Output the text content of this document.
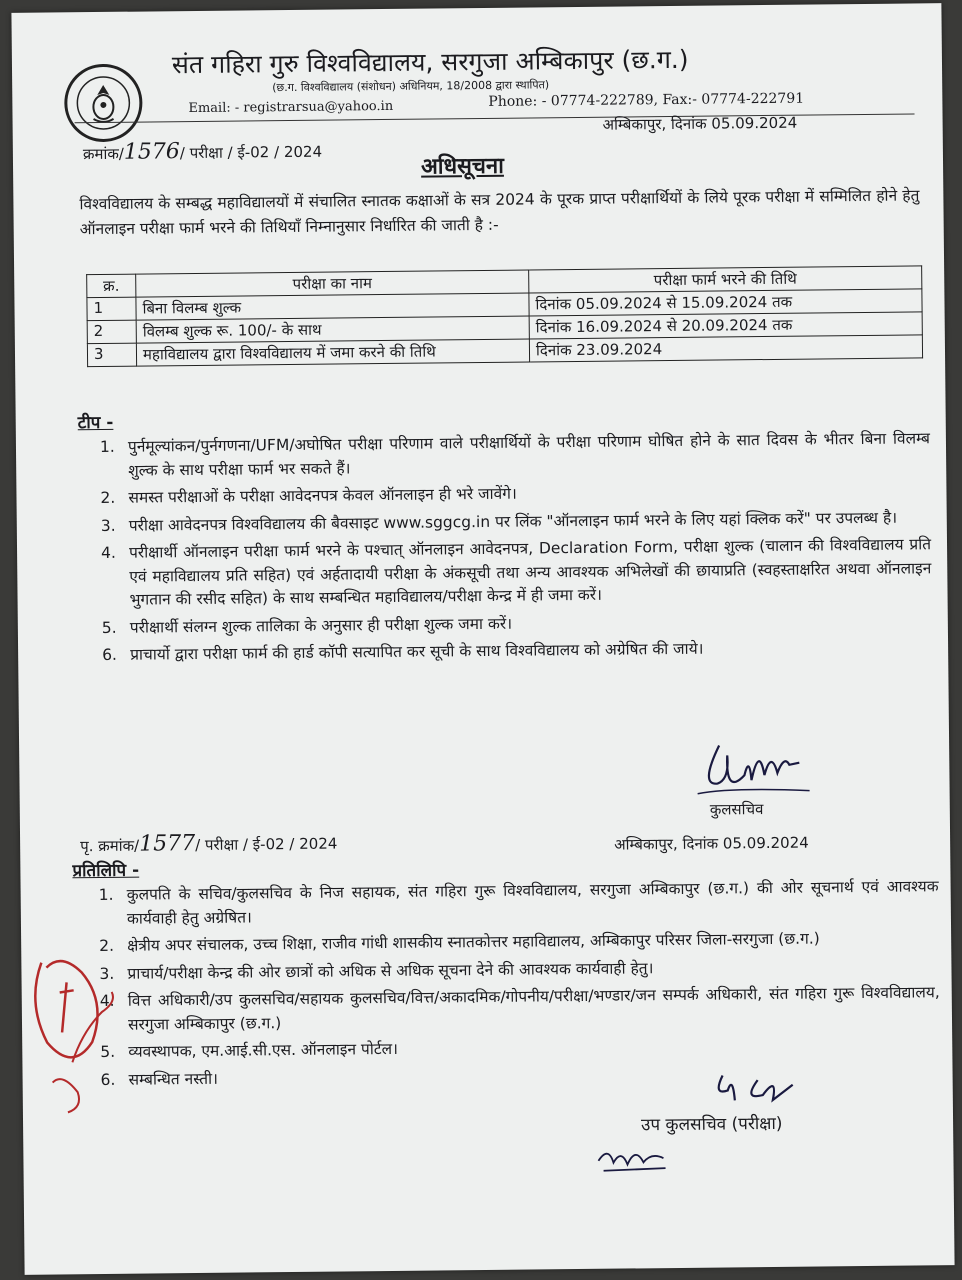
संत गहिरा गुरु विश्वविद्यालय, सरगुजा अम्बिकापुर (छ.ग.)
(छ.ग. विश्वविद्यालय (संशोधन) अधिनियम, 18/2008 द्वारा स्थापित)
Email: - registrarsua@yahoo.in	Phone: - 07774-222789, Fax:- 07774-222791
क्रमांक/1576/ परीक्षा / ई-02 / 2024
अम्बिकापुर, दिनांक 05.09.2024
अधिसूचना
विश्वविद्यालय के सम्बद्ध महाविद्यालयों में संचालित स्नातक कक्षाओं के सत्र 2024 के पूरक प्राप्त परीक्षार्थियों के लिये पूरक परीक्षा में सम्मिलित होने हेतु ऑनलाइन परीक्षा फार्म भरने की तिथियाँ निम्नानुसार निर्धारित की जाती है :-
क्र.	परीक्षा का नाम	परीक्षा फार्म भरने की तिथि
1	बिना विलम्ब शुल्क	दिनांक 05.09.2024 से 15.09.2024 तक
2	विलम्ब शुल्क रू. 100/- के साथ	दिनांक 16.09.2024 से 20.09.2024 तक
3	महाविद्यालय द्वारा विश्वविद्यालय में जमा करने की तिथि	दिनांक 23.09.2024
टीप -
1. पुर्नमूल्यांकन/पुर्नगणना/UFM/अघोषित परीक्षा परिणाम वाले परीक्षार्थियों के परीक्षा परिणाम घोषित होने के सात दिवस के भीतर बिना विलम्ब शुल्क के साथ परीक्षा फार्म भर सकते हैं।
2. समस्त परीक्षाओं के परीक्षा आवेदनपत्र केवल ऑनलाइन ही भरे जावेंगे।
3. परीक्षा आवेदनपत्र विश्वविद्यालय की बैवसाइट www.sggcg.in पर लिंक "ऑनलाइन फार्म भरने के लिए यहां क्लिक करें" पर उपलब्ध है।
4. परीक्षार्थी ऑनलाइन परीक्षा फार्म भरने के पश्चात् ऑनलाइन आवेदनपत्र, Declaration Form, परीक्षा शुल्क (चालान की विश्वविद्यालय प्रति एवं महाविद्यालय प्रति सहित) एवं अर्हतादायी परीक्षा के अंकसूची तथा अन्य आवश्यक अभिलेखों की छायाप्रति (स्वहस्ताक्षरित अथवा ऑनलाइन भुगतान की रसीद सहित) के साथ सम्बन्धित महाविद्यालय/परीक्षा केन्द्र में ही जमा करें।
5. परीक्षार्थी संलग्न शुल्क तालिका के अनुसार ही परीक्षा शुल्क जमा करें।
6. प्राचार्यो द्वारा परीक्षा फार्म की हार्ड कॉपी सत्यापित कर सूची के साथ विश्वविद्यालय को अग्रेषित की जाये।
कुलसचिव
पृ. क्रमांक/1577/ परीक्षा / ई-02 / 2024	अम्बिकापुर, दिनांक 05.09.2024
प्रतिलिपि -
1. कुलपति के सचिव/कुलसचिव के निज सहायक, संत गहिरा गुरू विश्वविद्यालय, सरगुजा अम्बिकापुर (छ.ग.) की ओर सूचनार्थ एवं आवश्यक कार्यवाही हेतु अग्रेषित।
2. क्षेत्रीय अपर संचालक, उच्च शिक्षा, राजीव गांधी शासकीय स्नातकोत्तर महाविद्यालय, अम्बिकापुर परिसर जिला-सरगुजा (छ.ग.)
3. प्राचार्य/परीक्षा केन्द्र की ओर छात्रों को अधिक से अधिक सूचना देने की आवश्यक कार्यवाही हेतु।
4. वित्त अधिकारी/उप कुलसचिव/सहायक कुलसचिव/वित्त/अकादमिक/गोपनीय/परीक्षा/भण्डार/जन सम्पर्क अधिकारी, संत गहिरा गुरू विश्वविद्यालय, सरगुजा अम्बिकापुर (छ.ग.)
5. व्यवस्थापक, एम.आई.सी.एस. ऑनलाइन पोर्टल।
6. सम्बन्धित नस्ती।
उप कुलसचिव (परीक्षा)
